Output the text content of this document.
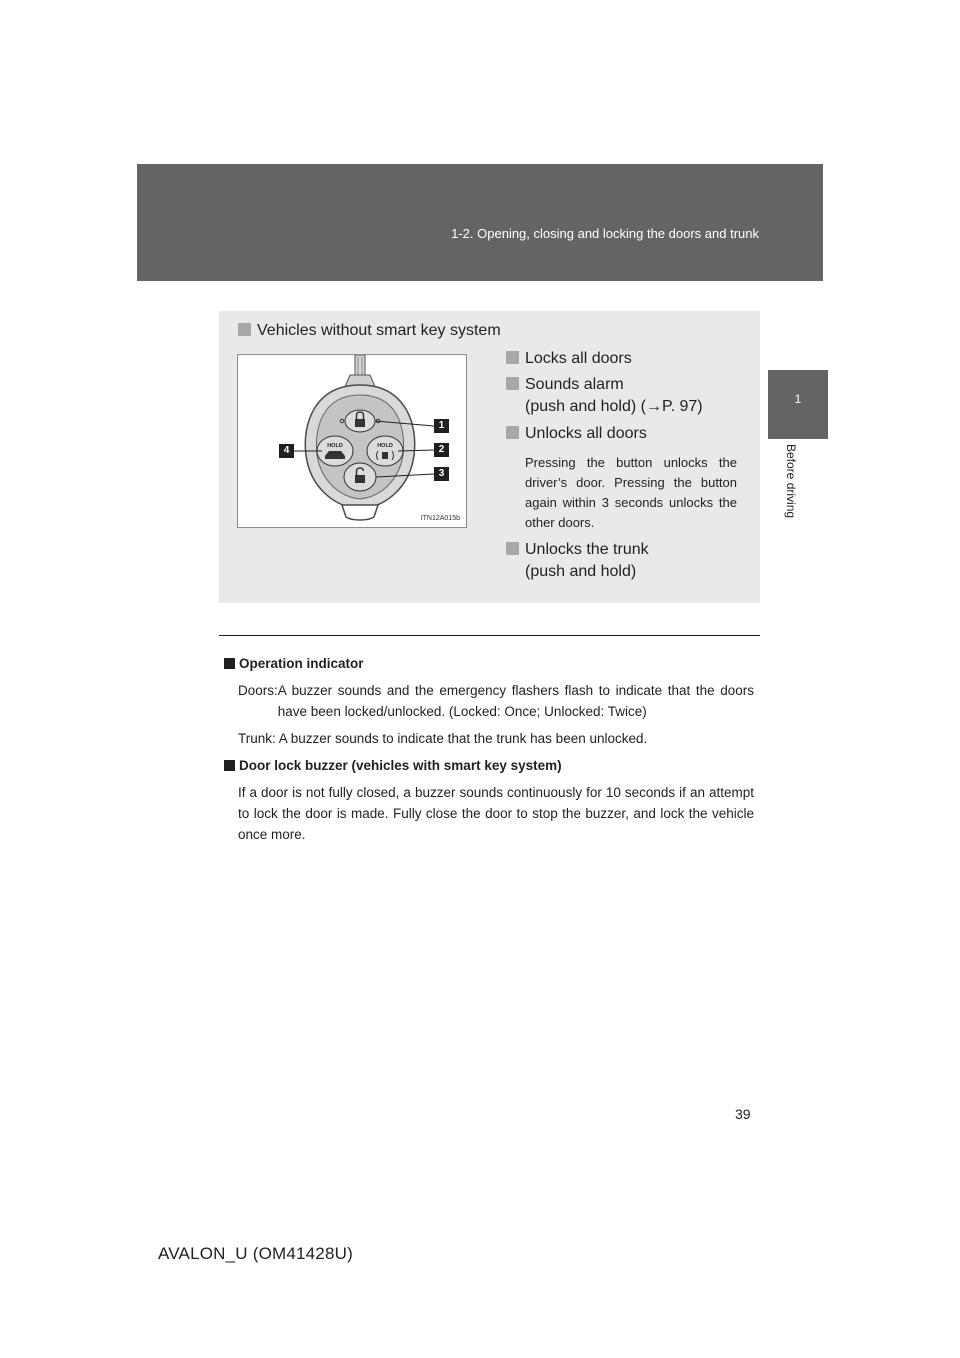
1-2. Opening, closing and locking the doors and trunk
1
Before driving
Vehicles without smart key system
HOLD	HOLD
1
2
3
4
ITN12A015b
Locks all doors
Sounds alarm
(push and hold) (→P. 97)
Unlocks all doors
Pressing the button unlocks the driver’s door. Pressing the button again within 3 seconds unlocks the other doors.
Unlocks the trunk
(push and hold)
Operation indicator
Doors: A buzzer sounds and the emergency flashers flash to indicate that the doors have been locked/unlocked. (Locked: Once; Unlocked: Twice)
Trunk: A buzzer sounds to indicate that the trunk has been unlocked.
Door lock buzzer (vehicles with smart key system)
If a door is not fully closed, a buzzer sounds continuously for 10 seconds if an attempt to lock the door is made. Fully close the door to stop the buzzer, and lock the vehicle once more.
39
AVALON_U (OM41428U)
